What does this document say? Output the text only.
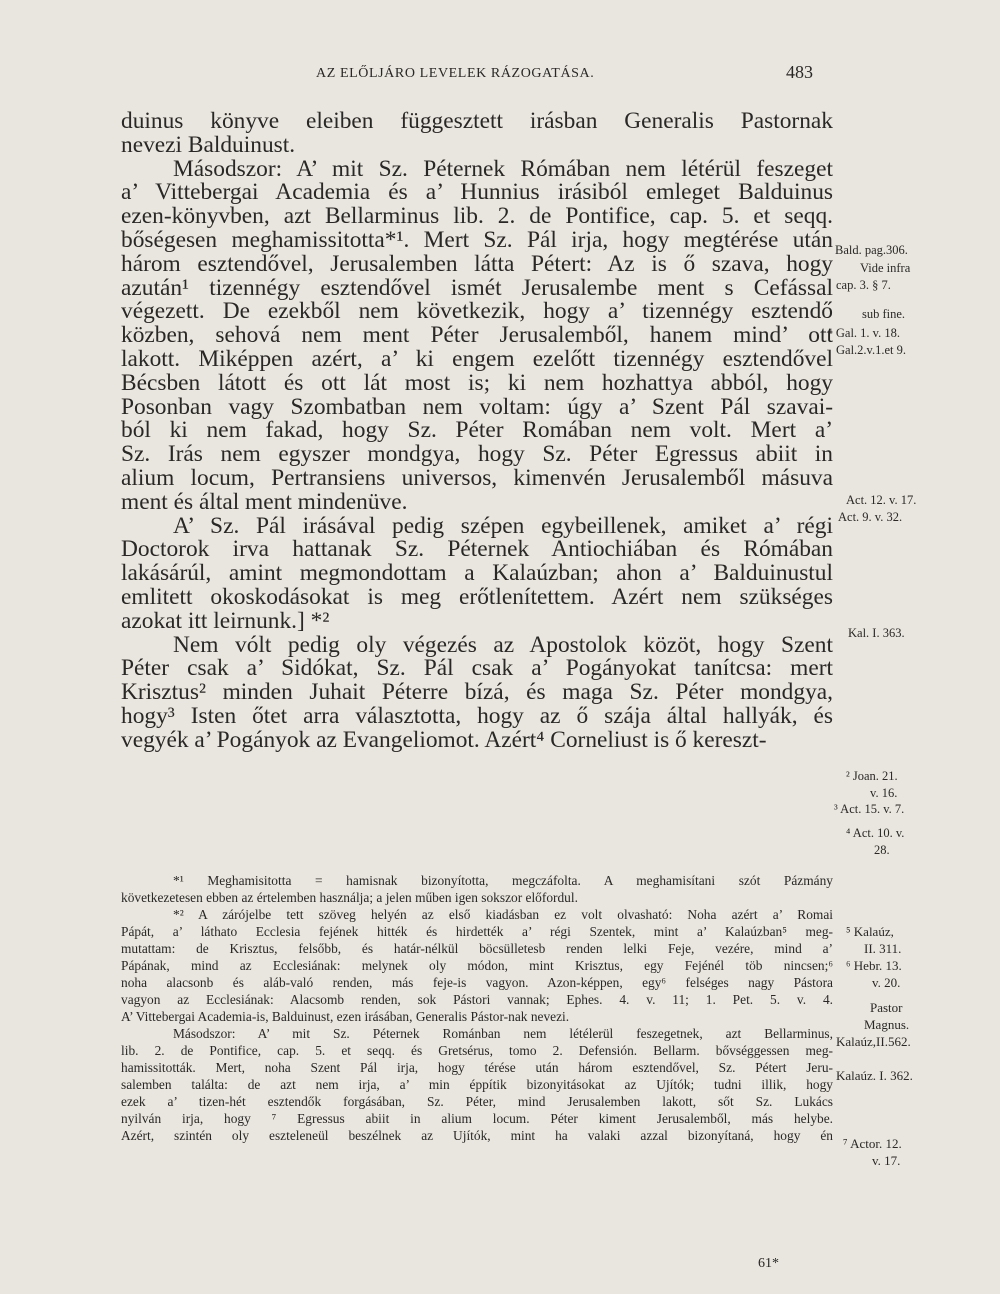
AZ ELŐLJÁRO LEVELEK RÁZOGATÁSA.	483
duinus könyve eleiben függesztett irásban Generalis Pastornak
nevezi Balduinust.
Másodszor: A’ mit Sz. Péternek Rómában nem létérül feszeget
a’ Vittebergai Academia és a’ Hunnius irásiból emleget Balduinus
ezen-könyvben, azt Bellarminus lib. 2. de Pontifice, cap. 5. et seqq.
bőségesen meghamissitotta*¹. Mert Sz. Pál irja, hogy megtérése után
három esztendővel, Jerusalemben látta Pétert: Az is ő szava, hogy
azután¹ tizennégy esztendővel ismét Jerusalembe ment s Cefással
végezett. De ezekből nem következik, hogy a’ tizennégy esztendő
közben, sehová nem ment Péter Jerusalemből, hanem mind’ ott
lakott. Miképpen azért, a’ ki engem ezelőtt tizennégy esztendővel
Bécsben látott és ott lát most is; ki nem hozhattya abból, hogy
Posonban vagy Szombatban nem voltam: úgy a’ Szent Pál szavai-
ból ki nem fakad, hogy Sz. Péter Romában nem volt. Mert a’
Sz. Irás nem egyszer mondgya, hogy Sz. Péter Egressus abiit in
alium locum, Pertransiens universos, kimenvén Jerusalemből másuva
ment és által ment mindenüve.
A’ Sz. Pál irásával pedig szépen egybeillenek, amiket a’ régi
Doctorok irva hattanak Sz. Péternek Antiochiában és Rómában
lakásárúl, amint megmondottam a Kalaúzban; ahon a’ Balduinustul
emlitett okoskodásokat is meg erőtlenítettem. Azért nem szükséges
azokat itt leirnunk.] *²
Nem vólt pedig oly végezés az Apostolok közöt, hogy Szent
Péter csak a’ Sidókat, Sz. Pál csak a’ Pogányokat tanítcsa: mert
Krisztus² minden Juhait Péterre bízá, és maga Sz. Péter mondgya,
hogy³ Isten őtet arra választotta, hogy az ő szája által hallyák, és
vegyék a’ Pogányok az Evangeliomot. Azért⁴ Corneliust is ő kereszt-
Bald. pag.306.
Vide infra
cap. 3. § 7.
sub fine.
¹ Gal. 1. v. 18.
Gal.2.v.1.et 9.
Act. 12. v. 17.
Act. 9. v. 32.
Kal. I. 363.
² Joan. 21.
v. 16.
³ Act. 15. v. 7.
⁴ Act. 10. v.
28.
*¹ Meghamisitotta = hamisnak bizonyította, megczáfolta. A meghamisítani szót Pázmány
következetesen ebben az értelemben használja; a jelen műben igen sokszor előfordul.
*² A zárójelbe tett szöveg helyén az első kiadásban ez volt olvasható: Noha azért a’ Romai
Pápát, a’ láthato Ecclesia fejének hitték és hirdették a’ régi Szentek, mint a’ Kalaúzban⁵ meg-
mutattam: de Krisztus, felsőbb, és határ-nélkül böcsülletesb renden lelki Feje, vezére, mind a’
Pápának, mind az Ecclesiának: melynek oly módon, mint Krisztus, egy Fejénél töb nincsen;⁶
noha alacsonb és aláb-való renden, más feje-is vagyon. Azon-képpen, egy⁶ felséges nagy Pástora
vagyon az Ecclesiának: Alacsomb renden, sok Pástori vannak; Ephes. 4. v. 11; 1. Pet. 5. v. 4.
A’ Vittebergai Academia-is, Balduinust, ezen irásában, Generalis Pástor-nak nevezi.
Másodszor: A’ mit Sz. Péternek Románban nem létélerül feszegetnek, azt Bellarminus,
lib. 2. de Pontifice, cap. 5. et seqq. és Gretsérus, tomo 2. Defensión. Bellarm. bővséggessen meg-
hamissitották. Mert, noha Szent Pál irja, hogy térése után három esztendővel, Sz. Pétert Jeru-
salemben találta: de azt nem irja, a’ min éppítik bizonyitásokat az Ujítók; tudni illik, hogy
ezek a’ tizen-hét esztendők forgásában, Sz. Péter, mind Jerusalemben lakott, sőt Sz. Lukács
nyilván irja, hogy ⁷ Egressus abiit in alium locum. Péter kiment Jerusalemből, más helybe.
Azért, szintén oly eszteleneül beszélnek az Ujítók, mint ha valaki azzal bizonyítaná, hogy én
⁵ Kalaúz,
II. 311.
⁶ Hebr. 13.
v. 20.
Pastor
Magnus.
Kalaúz,II.562.
Kalaúz. I. 362.
⁷ Actor. 12.
v. 17.
61*
